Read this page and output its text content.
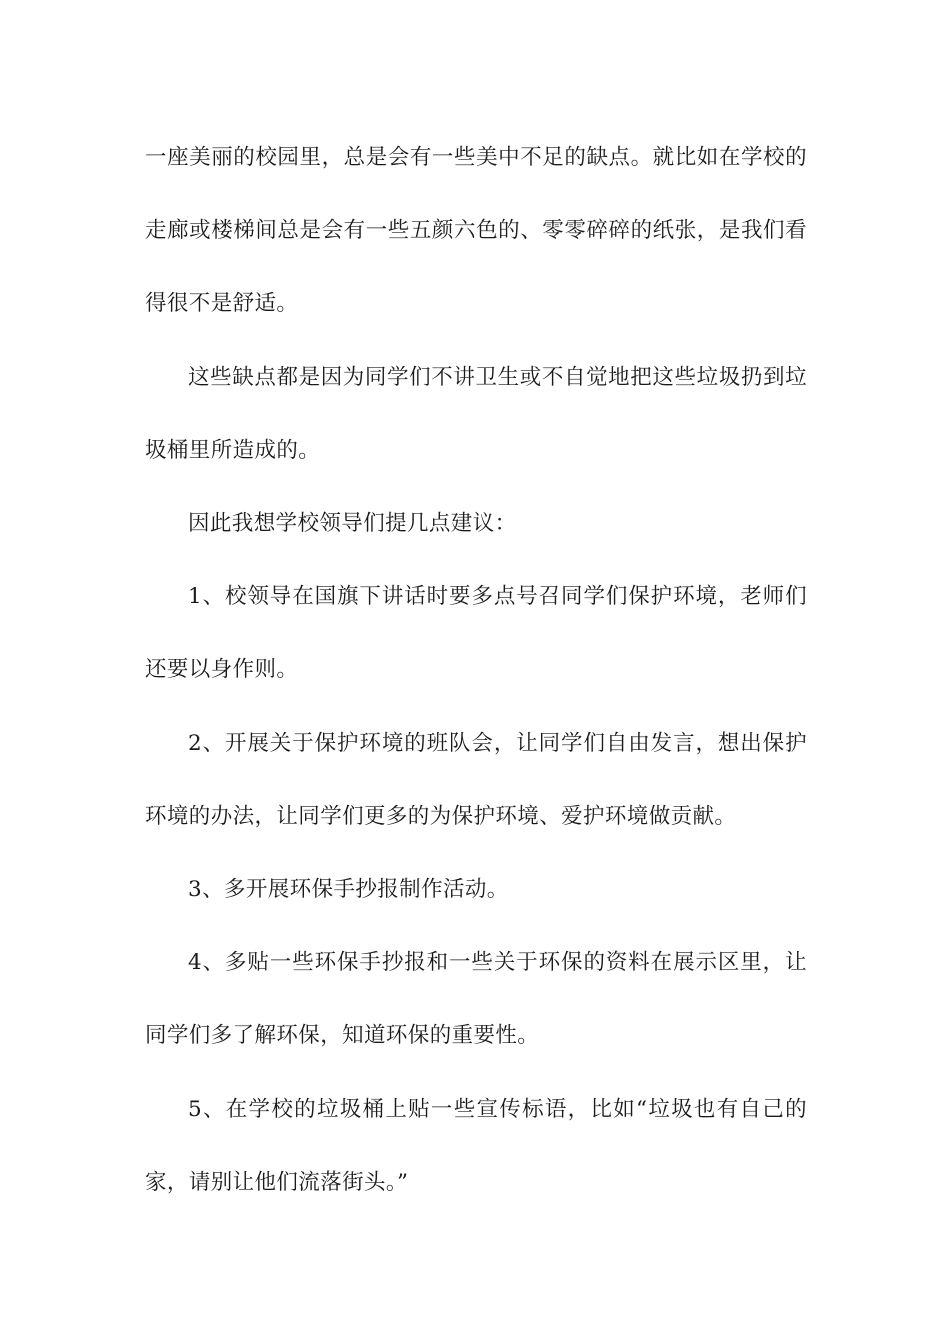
一座美丽的校园里，总是会有一些美中不足的缺点。就比如在学校的走廊或楼梯间总是会有一些五颜六色的、零零碎碎的纸张，是我们看得很不是舒适。

这些缺点都是因为同学们不讲卫生或不自觉地把这些垃圾扔到垃圾桶里所造成的。

因此我想学校领导们提几点建议：

1、校领导在国旗下讲话时要多点号召同学们保护环境，老师们还要以身作则。

2、开展关于保护环境的班队会，让同学们自由发言，想出保护环境的办法，让同学们更多的为保护环境、爱护环境做贡献。

3、多开展环保手抄报制作活动。

4、多贴一些环保手抄报和一些关于环保的资料在展示区里，让同学们多了解环保，知道环保的重要性。

5、在学校的垃圾桶上贴一些宣传标语，比如“垃圾也有自己的家，请别让他们流落街头。”
